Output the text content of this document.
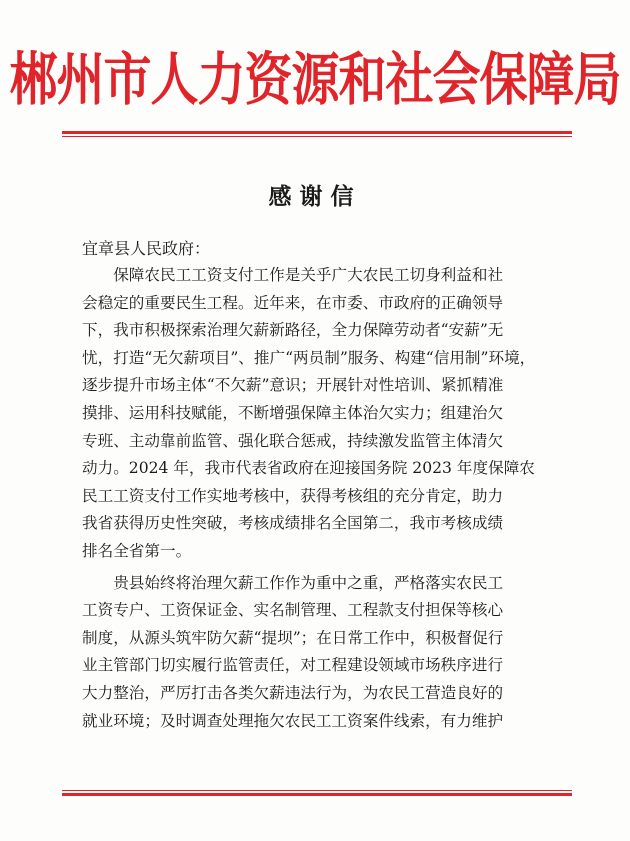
郴州市人力资源和社会保障局
感谢信
宜章县人民政府：

保障农民工工资支付工作是关乎广大农民工切身利益和社
会稳定的重要民生工程。近年来，在市委、市政府的正确领导
下，我市积极探索治理欠薪新路径，全力保障劳动者“安薪”无
忧，打造“无欠薪项目”、推广“两员制”服务、构建“信用制”环境，
逐步提升市场主体“不欠薪”意识；开展针对性培训、紧抓精准
摸排、运用科技赋能，不断增强保障主体治欠实力；组建治欠
专班、主动靠前监管、强化联合惩戒，持续激发监管主体清欠
动力。2024 年，我市代表省政府在迎接国务院 2023 年度保障农
民工工资支付工作实地考核中，获得考核组的充分肯定，助力
我省获得历史性突破，考核成绩排名全国第二，我市考核成绩
排名全省第一。

贵县始终将治理欠薪工作作为重中之重，严格落实农民工
工资专户、工资保证金、实名制管理、工程款支付担保等核心
制度，从源头筑牢防欠薪“提坝”；在日常工作中，积极督促行
业主管部门切实履行监管责任，对工程建设领域市场秩序进行
大力整治，严厉打击各类欠薪违法行为，为农民工营造良好的
就业环境；及时调查处理拖欠农民工工资案件线索，有力维护
